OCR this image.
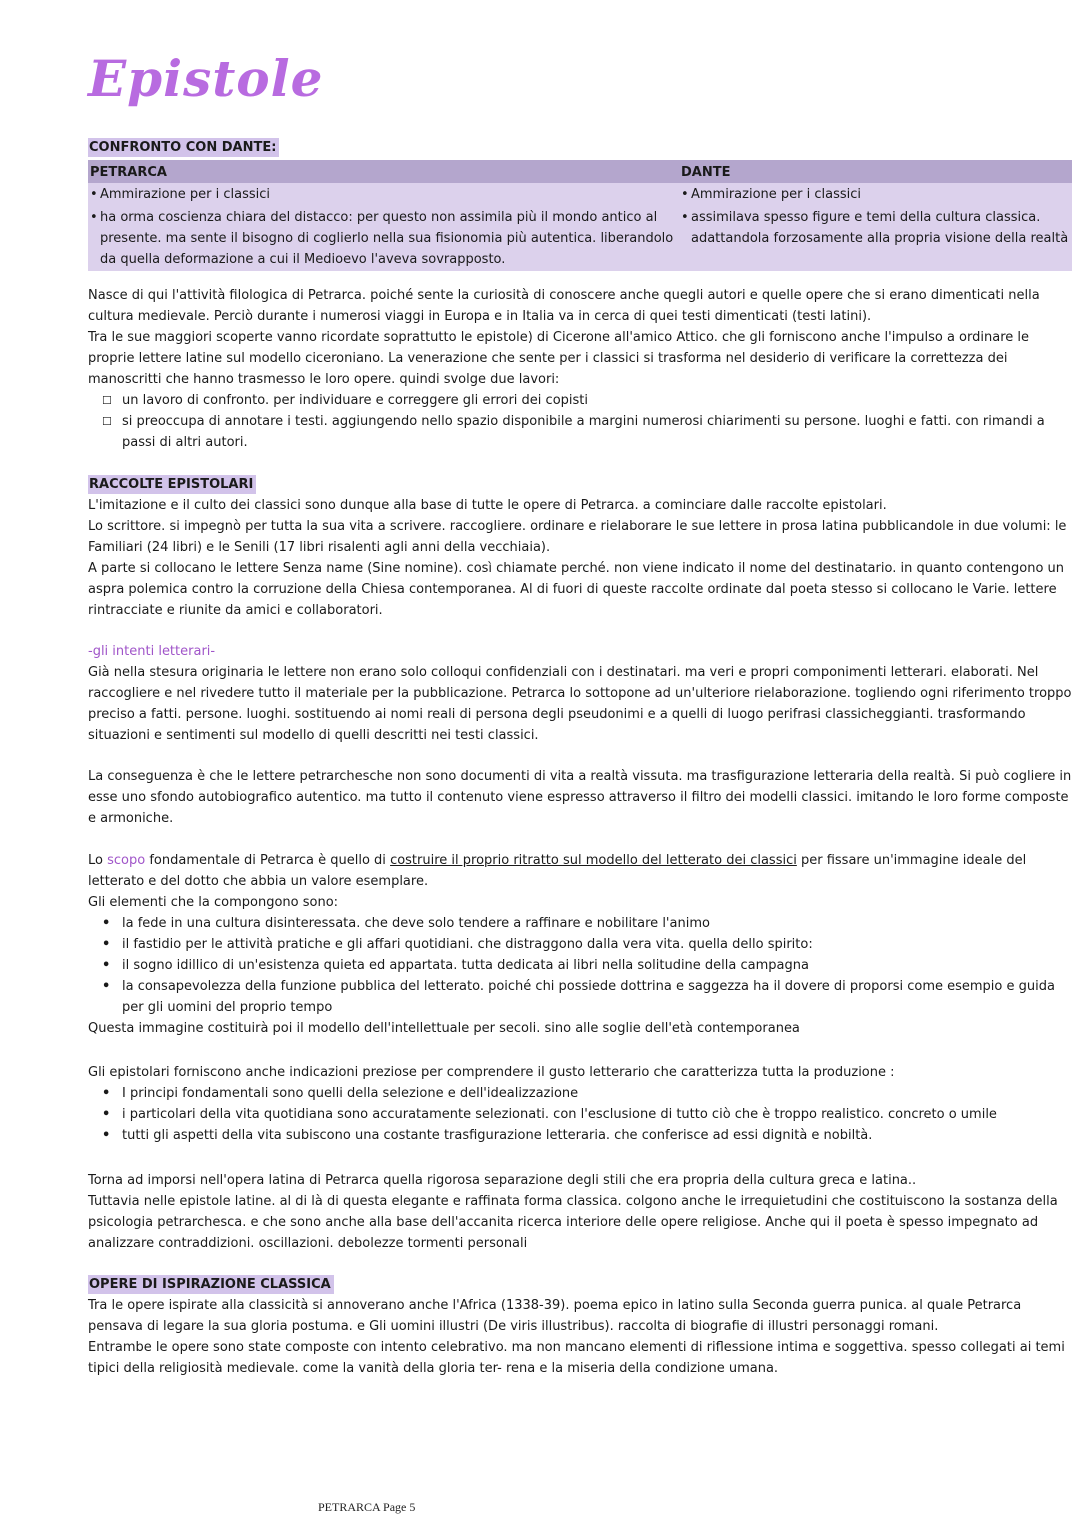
Epistole
CONFRONTO CON DANTE:
PETRARCA	DANTE

• Ammirazione per i classici	• Ammirazione per i classici

• ha orma coscienza chiara del distacco: per questo non assimila più il mondo antico al presente. ma sente il bisogno di coglierlo nella sua fisionomia più autentica. liberandolo da quella deformazione a cui il Medioevo l'aveva sovrapposto.	• assimilava spesso figure e temi della cultura classica. adattandola forzosamente alla propria visione della realtà
Nasce di qui l'attività filologica di Petrarca. poiché sente la curiosità di conoscere anche quegli autori e quelle opere che si erano dimenticati nella cultura medievale. Perciò durante i numerosi viaggi in Europa e in Italia va in cerca di quei testi dimenticati (testi latini).
Tra le sue maggiori scoperte vanno ricordate soprattutto le epistole) di Cicerone all'amico Attico. che gli forniscono anche l'impulso a ordinare le proprie lettere latine sul modello ciceroniano. La venerazione che sente per i classici si trasforma nel desiderio di verificare la correttezza dei manoscritti che hanno trasmesso le loro opere. quindi svolge due lavori:
☐ un lavoro di confronto. per individuare e correggere gli errori dei copisti
☐ si preoccupa di annotare i testi. aggiungendo nello spazio disponibile a margini numerosi chiarimenti su persone. luoghi e fatti. con rimandi a passi di altri autori.
RACCOLTE EPISTOLARI
L'imitazione e il culto dei classici sono dunque alla base di tutte le opere di Petrarca. a cominciare dalle raccolte epistolari.
Lo scrittore. si impegnò per tutta la sua vita a scrivere. raccogliere. ordinare e rielaborare le sue lettere in prosa latina pubblicandole in due volumi: le Familiari (24 libri) e le Senili (17 libri risalenti agli anni della vecchiaia).
A parte si collocano le lettere Senza name (Sine nomine). così chiamate perché. non viene indicato il nome del destinatario. in quanto contengono un aspra polemica contro la corruzione della Chiesa contemporanea. Al di fuori di queste raccolte ordinate dal poeta stesso si collocano le Varie. lettere rintracciate e riunite da amici e collaboratori.
-gli intenti letterari-
Già nella stesura originaria le lettere non erano solo colloqui confidenziali con i destinatari. ma veri e propri componimenti letterari. elaborati. Nel raccogliere e nel rivedere tutto il materiale per la pubblicazione. Petrarca lo sottopone ad un'ulteriore rielaborazione. togliendo ogni riferimento troppo preciso a fatti. persone. luoghi. sostituendo ai nomi reali di persona degli pseudonimi e a quelli di luogo perifrasi classicheggianti. trasformando situazioni e sentimenti sul modello di quelli descritti nei testi classici.
La conseguenza è che le lettere petrarchesche non sono documenti di vita a realtà vissuta. ma trasfigurazione letteraria della realtà. Si può cogliere in esse uno sfondo autobiografico autentico. ma tutto il contenuto viene espresso attraverso il filtro dei modelli classici. imitando le loro forme composte e armoniche.
Lo scopo fondamentale di Petrarca è quello di costruire il proprio ritratto sul modello del letterato dei classici per fissare un'immagine ideale del letterato e del dotto che abbia un valore esemplare.
Gli elementi che la compongono sono:
• la fede in una cultura disinteressata. che deve solo tendere a raffinare e nobilitare l'animo
• il fastidio per le attività pratiche e gli affari quotidiani. che distraggono dalla vera vita. quella dello spirito:
• il sogno idillico di un'esistenza quieta ed appartata. tutta dedicata ai libri nella solitudine della campagna
• la consapevolezza della funzione pubblica del letterato. poiché chi possiede dottrina e saggezza ha il dovere di proporsi come esempio e guida per gli uomini del proprio tempo
Questa immagine costituirà poi il modello dell'intellettuale per secoli. sino alle soglie dell'età contemporanea
Gli epistolari forniscono anche indicazioni preziose per comprendere il gusto letterario che caratterizza tutta la produzione :
• I principi fondamentali sono quelli della selezione e dell'idealizzazione
• i particolari della vita quotidiana sono accuratamente selezionati. con l'esclusione di tutto ciò che è troppo realistico. concreto o umile
• tutti gli aspetti della vita subiscono una costante trasfigurazione letteraria. che conferisce ad essi dignità e nobiltà.
Torna ad imporsi nell'opera latina di Petrarca quella rigorosa separazione degli stili che era propria della cultura greca e latina..
Tuttavia nelle epistole latine. al di là di questa elegante e raffinata forma classica. colgono anche le irrequietudini che costituiscono la sostanza della psicologia petrarchesca. e che sono anche alla base dell'accanita ricerca interiore delle opere religiose. Anche qui il poeta è spesso impegnato ad analizzare contraddizioni. oscillazioni. debolezze tormenti personali
OPERE DI ISPIRAZIONE CLASSICA
Tra le opere ispirate alla classicità si annoverano anche l'Africa (1338-39). poema epico in latino sulla Seconda guerra punica. al quale Petrarca pensava di legare la sua gloria postuma. e Gli uomini illustri (De viris illustribus). raccolta di biografie di illustri personaggi romani.
Entrambe le opere sono state composte con intento celebrativo. ma non mancano elementi di riflessione intima e soggettiva. spesso collegati ai temi tipici della religiosità medievale. come la vanità della gloria ter- rena e la miseria della condizione umana.
PETRARCA Page 5
